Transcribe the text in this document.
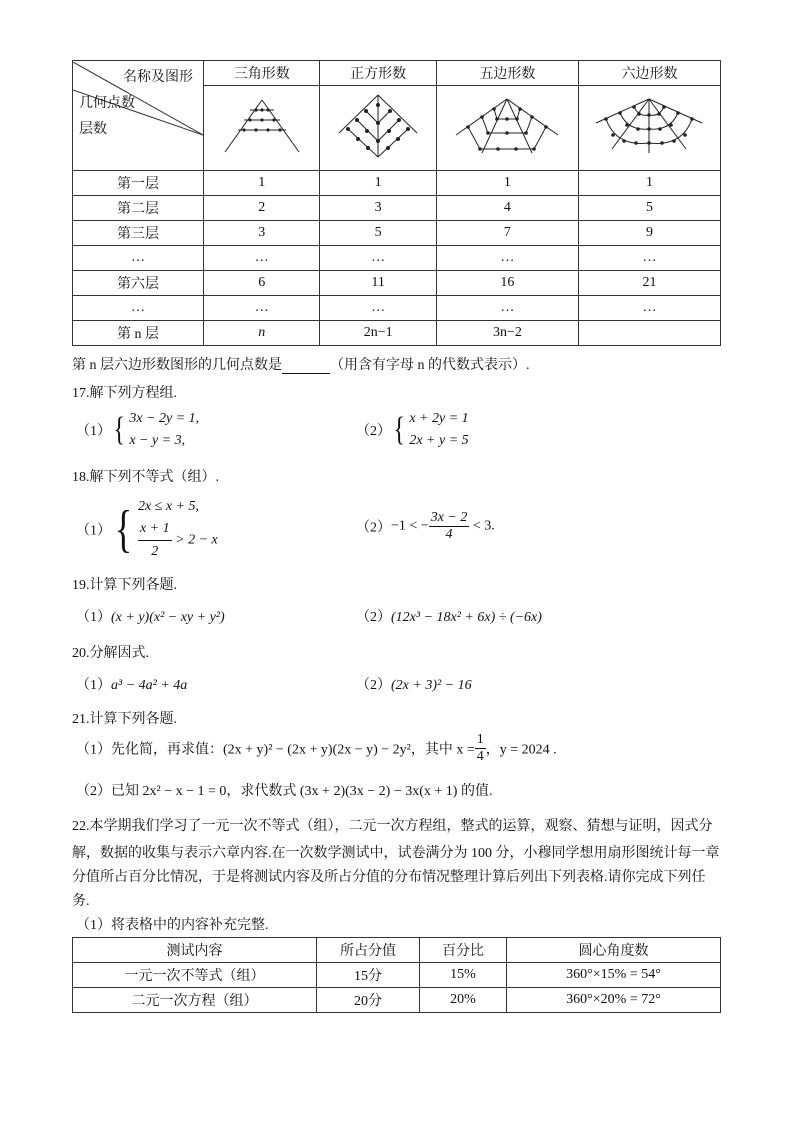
名称及图形
几何点数
层数	三角形数	正方形数	五边形数	六边形数

第一层	1	1	1	1
第二层	2	3	4	5
第三层	3	5	7	9
…	…	…	…	…
第六层	6	11	16	21
…	…	…	…	…
第 n 层	n	2n−1	3n−2	
第 n 层六边形数图形的几何点数是	（用含有字母 n 的代数式表示）.
17.解下列方程组.
（1）{ 3x − 2y = 1,
x − y = 3,
（2）{ x + 2y = 1
2x + y = 5
18.解下列不等式（组）.
（1）{ 2x ≤ x + 5,

$\frac{x + 1}{2} > 2 - x$
（2）−1 < − $\frac{3x - 2}{4} < 3$.
19.计算下列各题.
（1）(x + y)(x² − xy + y²)	（2）(12x³ − 18x² + 6x) ÷ (−6x)
20.分解因式.
（1）a³ − 4a² + 4a	（2）(2x + 3)² − 16
21.计算下列各题.
（1）先化简，再求值：(2x + y)² − (2x + y)(2x − y) − 2y²，其中 $x = \frac{1}{4}$ ，y = 2024 .
（2）已知 2x² − x − 1 = 0，求代数式 (3x + 2)(3x − 2) − 3x(x + 1) 的值.
22.本学期我们学习了一元一次不等式（组），二元一次方程组，整式的运算，观察、猜想与证明，因式分
解，数据的收集与表示六章内容.在一次数学测试中，试卷满分为 100 分，小穆同学想用扇形图统计每一章
分值所占百分比情况，于是将测试内容及所占分值的分布情况整理计算后列出下列表格.请你完成下列任
务.
（1）将表格中的内容补充完整.
测试内容	所占分值	百分比	圆心角度数
一元一次不等式（组）	15分	15%	360°×15% = 54°
二元一次方程（组）	20分	20%	360°×20% = 72°
